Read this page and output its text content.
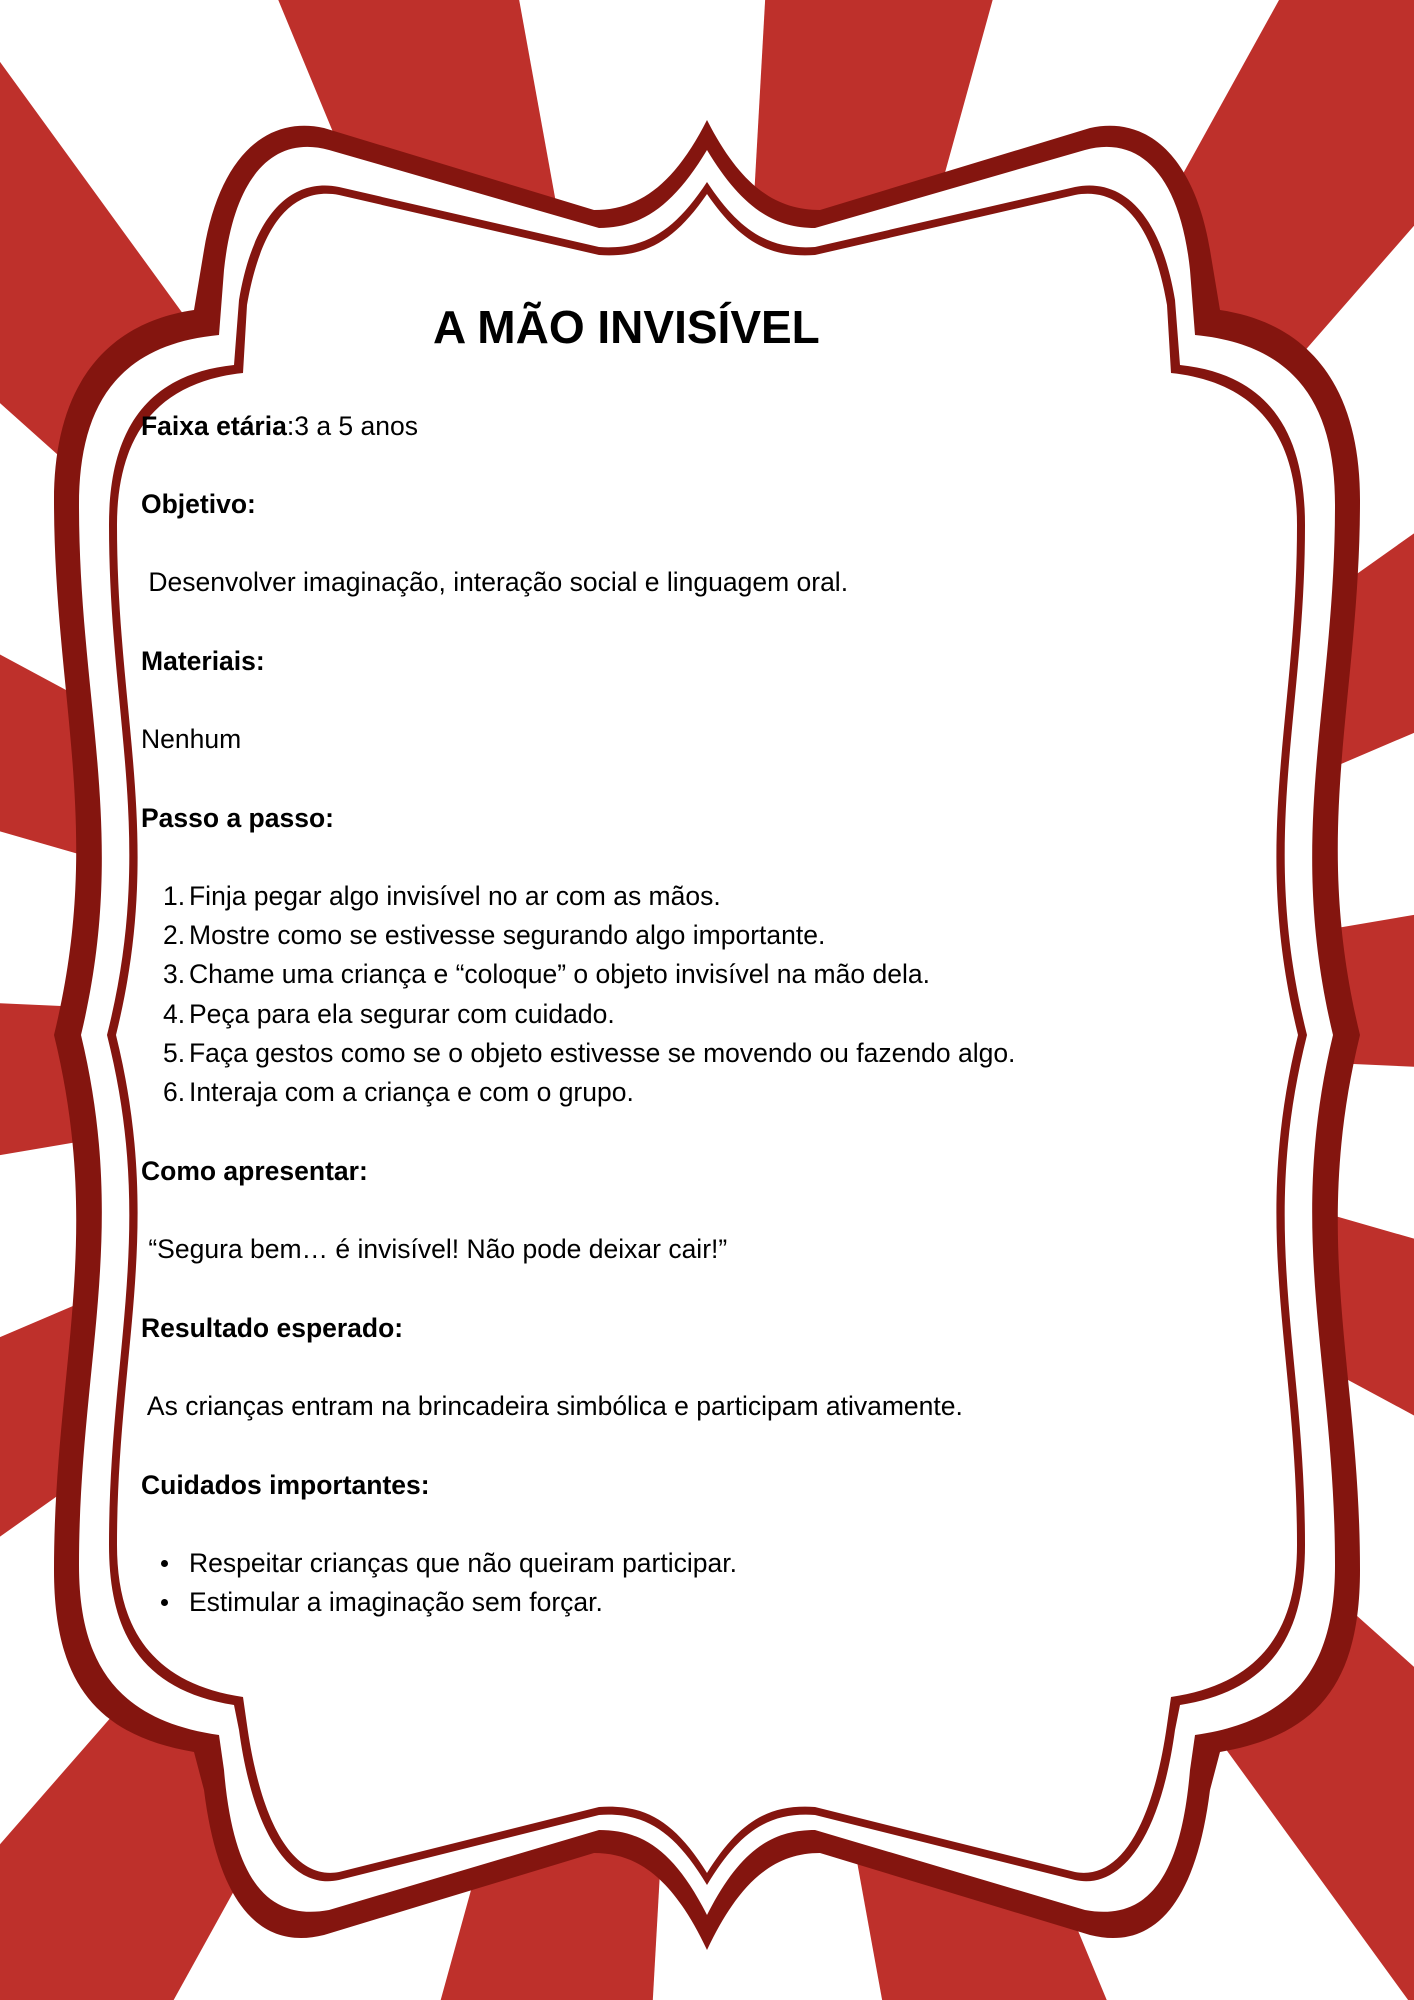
A MÃO INVISÍVEL

Faixa etária:3 a 5 anos

Objetivo:

Desenvolver imaginação, interação social e linguagem oral.

Materiais:

Nenhum

Passo a passo:

1. Finja pegar algo invisível no ar com as mãos.
2. Mostre como se estivesse segurando algo importante.
3. Chame uma criança e “coloque” o objeto invisível na mão dela.
4. Peça para ela segurar com cuidado.
5. Faça gestos como se o objeto estivesse se movendo ou fazendo algo.
6. Interaja com a criança e com o grupo.

Como apresentar:

“Segura bem… é invisível! Não pode deixar cair!”

Resultado esperado:

As crianças entram na brincadeira simbólica e participam ativamente.

Cuidados importantes:

Respeitar crianças que não queiram participar.
Estimular a imaginação sem forçar.
